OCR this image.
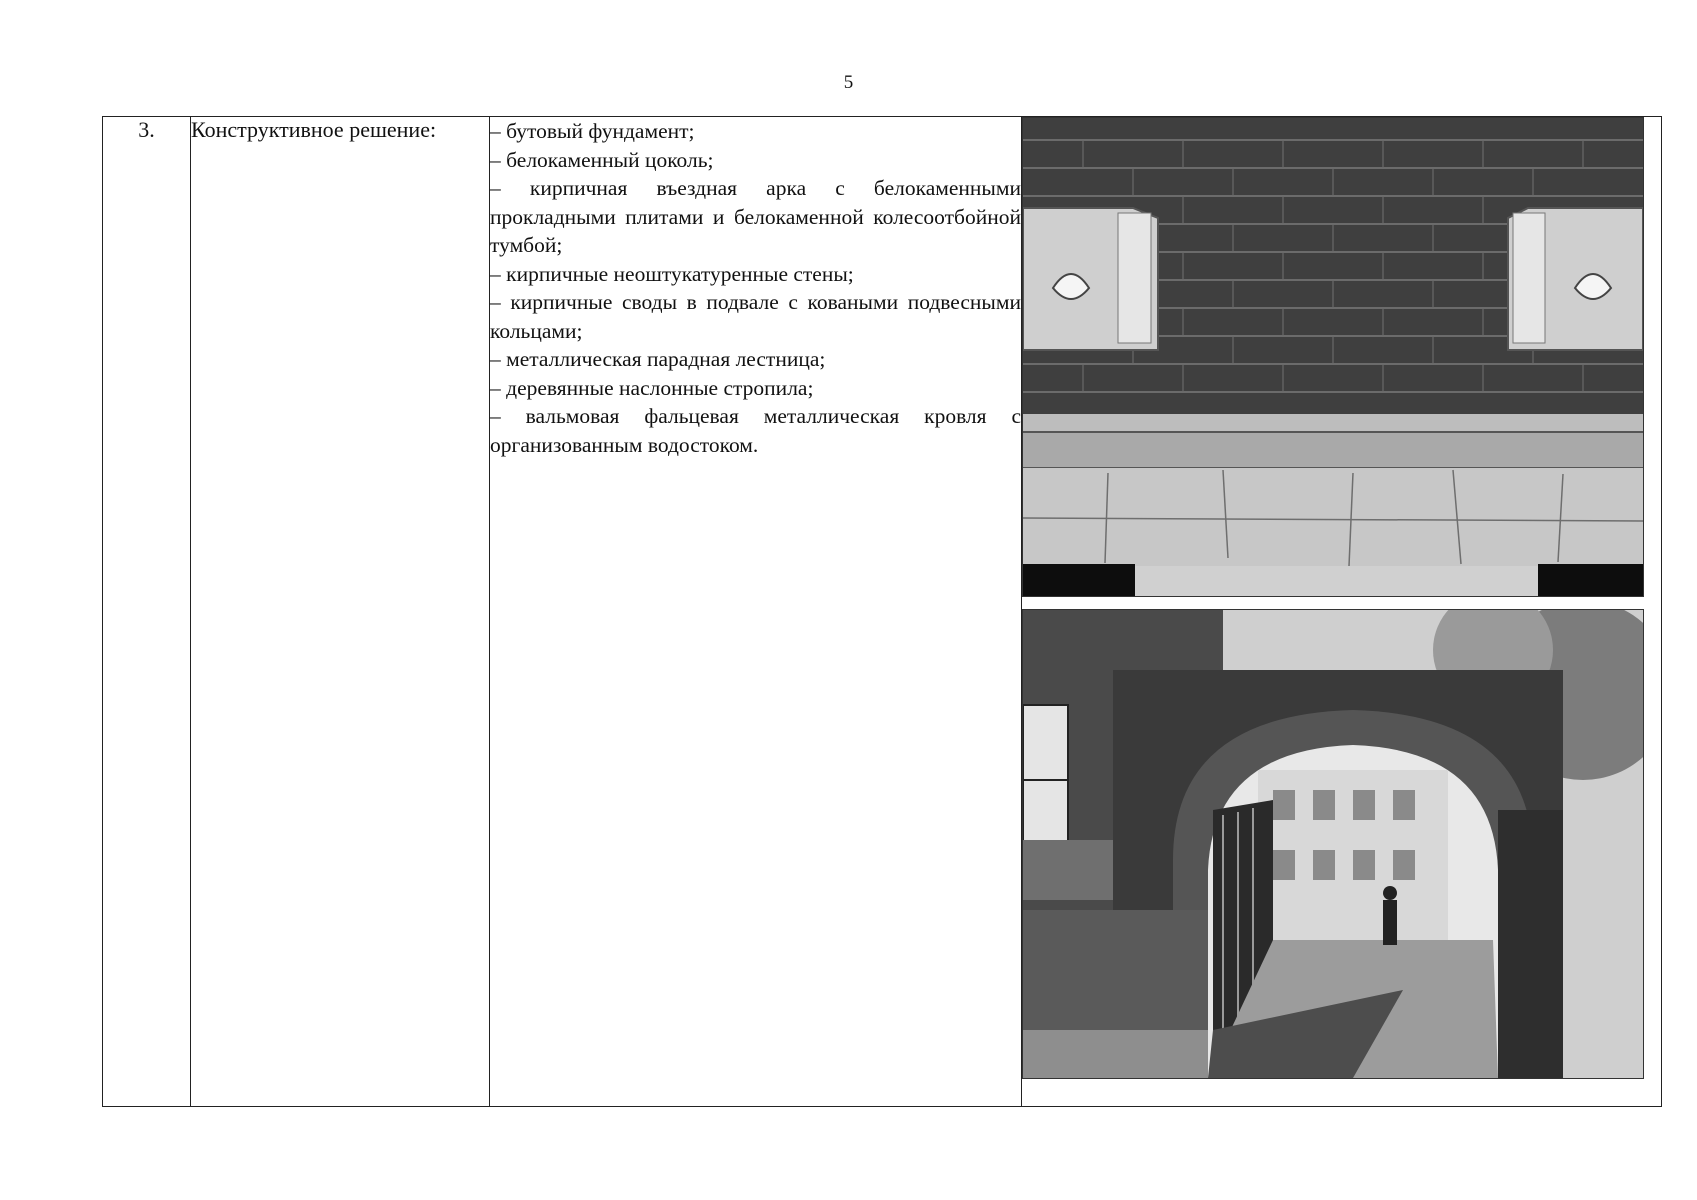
5
3.	Конструктивное решение:	– бутовый фундамент;

– белокаменный цоколь;

– кирпичная въездная арка с белокаменными прокладными плитами и белокаменной колесоотбойной тумбой;

– кирпичные неоштукатуренные стены;

– кирпичные своды в подвале с коваными подвесными кольцами;

– металлическая парадная лестница;

– деревянные наслонные стропила;

– вальмовая фальцевая металлическая кровля с организованным водостоком.
